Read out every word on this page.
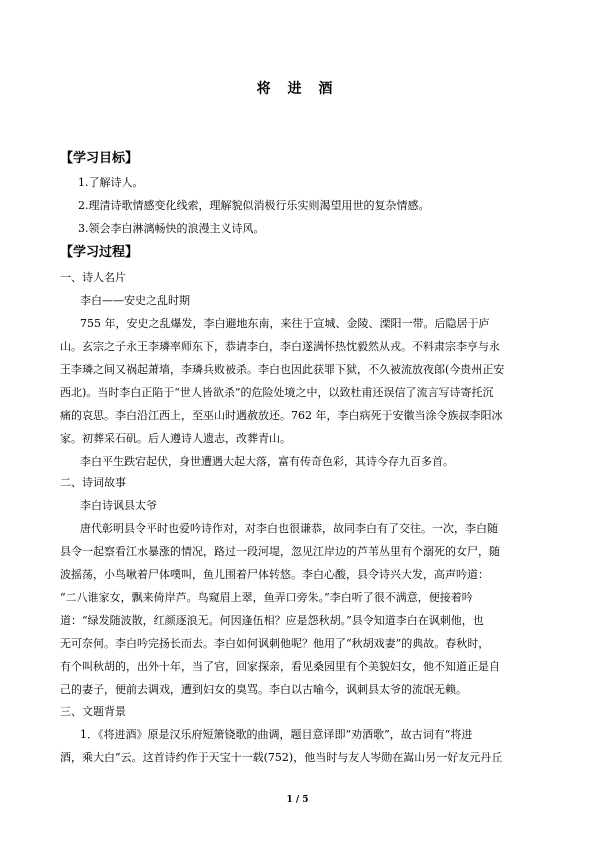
将 进 酒
【学习目标】
1.了解诗人。
2.理清诗歌情感变化线索，理解貌似消极行乐实则渴望用世的复杂情感。
3.领会李白淋漓畅快的浪漫主义诗风。
【学习过程】
一、诗人名片
李白——安史之乱时期
755 年，安史之乱爆发，李白避地东南，来往于宣城、金陵、溧阳一带。后隐居于庐
山。玄宗之子永王李璘率师东下，恭请李白，李白遂满怀热忱毅然从戎。不料肃宗李亨与永
王李璘之间又祸起萧墙，李璘兵败被杀。李白也因此获罪下狱，不久被流放夜郎(今贵州正安
西北)。当时李白正陷于“世人皆欲杀”的危险处境之中，以致杜甫还误信了流言写诗寄托沉
痛的哀思。李白沿江西上，至巫山时遇赦放还。762 年，李白病死于安徽当涂令族叔李阳冰
家。初葬采石矶。后人遵诗人遗志，改葬青山。
李白平生跌宕起伏，身世遭遇大起大落，富有传奇色彩，其诗今存九百多首。
二、诗词故事
李白诗讽县太爷
唐代彰明县令平时也爱吟诗作对，对李白也很谦恭，故同李白有了交往。一次，李白随
县令一起察看江水暴涨的情况，路过一段河堤，忽见江岸边的芦苇丛里有个溺死的女尸，随
波摇荡，小鸟啾着尸体噗叫，鱼儿围着尸体转悠。李白心酸，县令诗兴大发，高声吟道：
“二八谁家女，飘来倚岸芦。鸟窥眉上翠，鱼弄口旁朱。”李白听了很不满意，便接着吟
道：“绿发随波散，红颜逐浪无。何因逢伍相？应是怨秋胡。”县令知道李白在讽刺他，也
无可奈何。李白吟完扬长而去。李白如何讽刺他呢？他用了“秋胡戏妻”的典故。春秋时，
有个叫秋胡的，出外十年，当了官，回家探亲，看见桑园里有个美貌妇女，他不知道正是自
己的妻子，便前去调戏，遭到妇女的臭骂。李白以古喻今，讽刺县太爷的流氓无赖。
三、文题背景
1．《将进酒》原是汉乐府短箫铙歌的曲调，题目意译即“劝酒歌”，故古词有“将进
酒，乘大白”云。这首诗约作于天宝十一载(752)，他当时与友人岑勋在嵩山另一好友元丹丘
1 / 5
